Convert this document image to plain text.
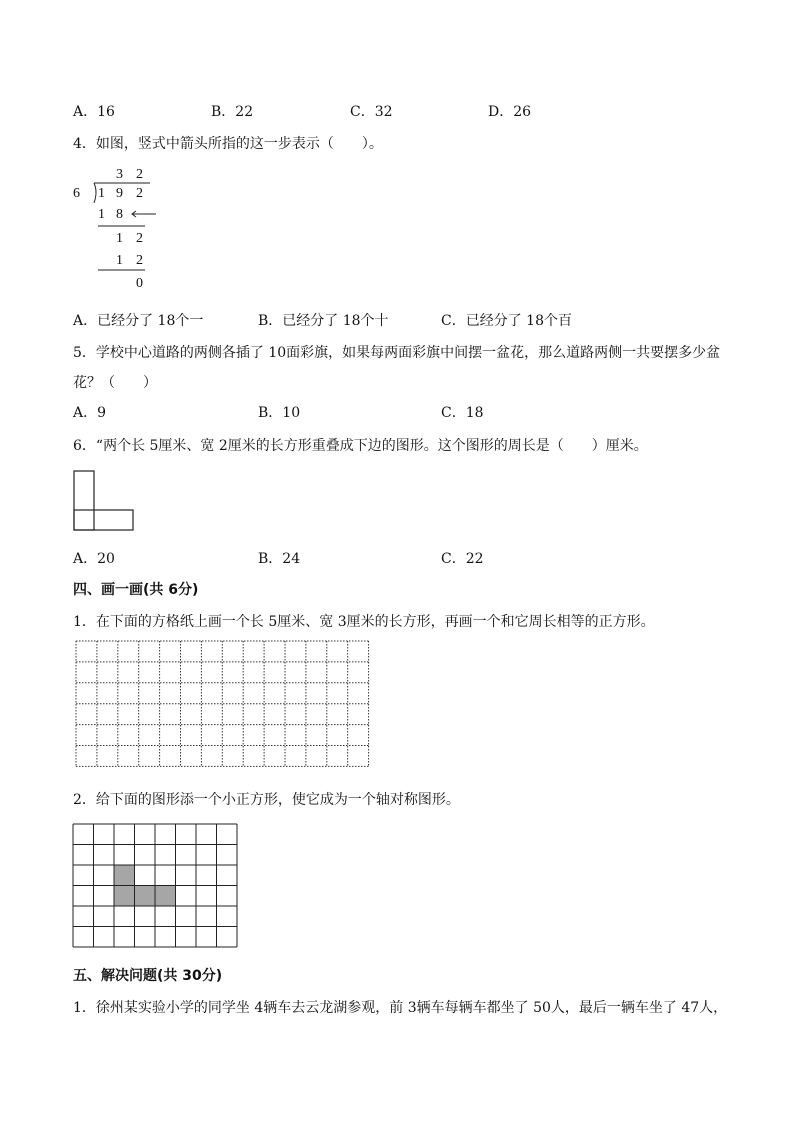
A．16	B．22	C．32	D．26
4．如图，竖式中箭头所指的这一步表示（　　）。
3 2
6 1 9 2
1 8
1 2
1 2
0
A．已经分了 18个一	B．已经分了 18个十	C．已经分了 18个百
5．学校中心道路的两侧各插了 10面彩旗，如果每两面彩旗中间摆一盆花，那么道路两侧一共要摆多少盆
花？（　　）
A．9	B．10	C．18
6．“两个长 5厘米、宽 2厘米的长方形重叠成下边的图形。这个图形的周长是（　　）厘米。
A．20	B．24	C．22
四、画一画(共 6分)
1．在下面的方格纸上画一个长 5厘米、宽 3厘米的长方形，再画一个和它周长相等的正方形。
2．给下面的图形添一个小正方形，使它成为一个轴对称图形。
五、解决问题(共 30分)
1．徐州某实验小学的同学坐 4辆车去云龙湖参观，前 3辆车每辆车都坐了 50人，最后一辆车坐了 47人，
